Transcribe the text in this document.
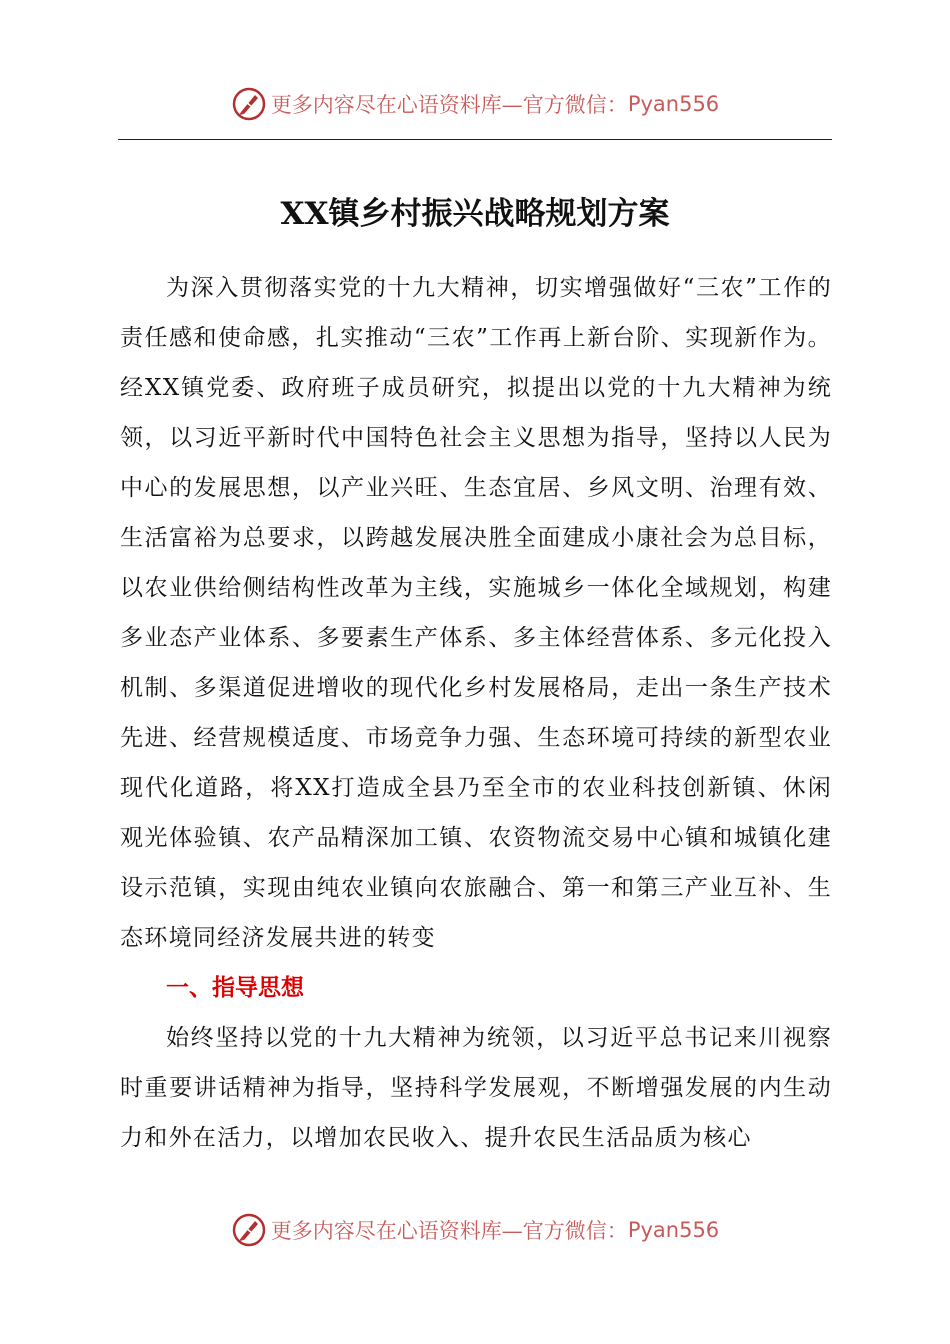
更多内容尽在心语资料库—官方微信： Pyan556
XX镇乡村振兴战略规划方案

为深入贯彻落实党的十九大精神，切实增强做好“三农”工作的责任感和使命感，扎实推动“三农”工作再上新台阶、实现新作为。经XX镇党委、政府班子成员研究，拟提出以党的十九大精神为统领，以习近平新时代中国特色社会主义思想为指导，坚持以人民为中心的发展思想，以产业兴旺、生态宜居、乡风文明、治理有效、生活富裕为总要求，以跨越发展决胜全面建成小康社会为总目标，以农业供给侧结构性改革为主线，实施城乡一体化全域规划，构建多业态产业体系、多要素生产体系、多主体经营体系、多元化投入机制、多渠道促进增收的现代化乡村发展格局，走出一条生产技术先进、经营规模适度、市场竞争力强、生态环境可持续的新型农业现代化道路，将XX打造成全县乃至全市的农业科技创新镇、休闲观光体验镇、农产品精深加工镇、农资物流交易中心镇和城镇化建设示范镇，实现由纯农业镇向农旅融合、第一和第三产业互补、生态环境同经济发展共进的转变

一、指导思想

始终坚持以党的十九大精神为统领，以习近平总书记来川视察时重要讲话精神为指导，坚持科学发展观，不断增强发展的内生动力和外在活力，以增加农民收入、提升农民生活品质为核心

更多内容尽在心语资料库—官方微信： Pyan556
